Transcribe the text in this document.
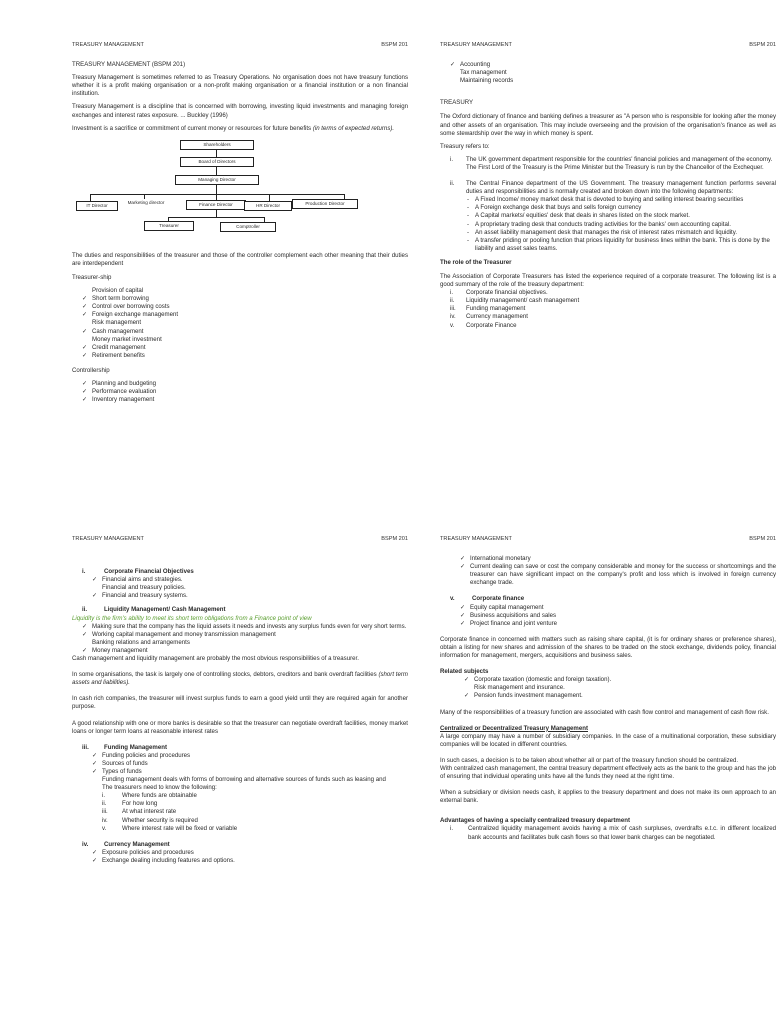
TREASURY MANAGEMENT	BSPM 201

TREASURY MANAGEMENT (BSPM 201)

Treasury Management is sometimes referred to as Treasury Operations. No organisation does not have treasury functions whether it is a profit making organisation or a non-profit making organisation or a financial institution or a non financial institution.

Treasury Management is a discipline that is concerned with borrowing, investing liquid investments and managing foreign exchanges and interest rates exposure. ... Buckley (1996)

Investment is a sacrifice or commitment of current money or resources for future benefits (in terms of expected returns).

Shareholders
Board of Directors
Managing Director
IT Director
Marketing director	Finance Director	HR Director	Production Director
Treasurer	Comptroller

The duties and responsibilities of the treasurer and those of the controller complement each other meaning that their duties are interdependent

Treasurer-ship

Provision of capital
✓ Short term borrowing
✓ Control over borrowing costs
✓ Foreign exchange management
Risk management
✓ Cash management
Money market investment
✓ Credit management
✓ Retirement benefits

Controllership

✓ Planning and budgeting
✓ Performance evaluation
✓ Inventory management
TREASURY MANAGEMENT	BSPM 201
✓ Accounting
Tax management
Maintaining records

TREASURY

The Oxford dictionary of finance and banking defines a treasurer as "A person who is responsible for looking after the money and other assets of an organisation. This may include overseeing and the provision of the organisation's finance as well as some stewardship over the way in which money is spent.

Treasury refers to:

i.	The UK government department responsible for the countries' financial policies and management of the economy.

The First Lord of the Treasury is the Prime Minister but the Treasury is run by the Chancellor of the Exchequer.

ii.	The Central Finance department of the US Government. The treasury management function performs several duties and responsibilities and is normally created and broken down into the following departments:

- A Fixed Income/ money market desk that is devoted to buying and selling interest bearing securities
- A Foreign exchange desk that buys and sells foreign currency
- A Capital markets/ equities' desk that deals in shares listed on the stock market.
- A proprietary trading desk that conducts trading activities for the banks' own accounting capital.
- An asset liability management desk that manages the risk of interest rates mismatch and liquidity.
- A transfer priding or pooling function that prices liquidity for business lines within the bank. This is done by the liability and asset sales teams.

The role of the Treasurer

The Association of Corporate Treasurers has listed the experience required of a corporate treasurer. The following list is a good summary of the role of the treasury department:

i.	Corporate financial objectives.
ii.	Liquidity management/ cash management
iii.	Funding management
iv.	Currency management
v.	Corporate Finance
TREASURY MANAGEMENT	BSPM 201
i.	Corporate Financial Objectives
✓ Financial aims and strategies.
Financial and treasury policies.
✓ Financial and treasury systems.
ii.	Liquidity Management/ Cash Management

Liquidity is the firm's ability to meet its short term obligations from a Finance point of view

✓ Making sure that the company has the liquid assets it needs and invests any surplus funds even for very short terms.
✓ Working capital management and money transmission management
Banking relations and arrangements
✓ Money management

Cash management and liquidity management are probably the most obvious responsibilities of a treasurer.

In some organisations, the task is largely one of controlling stocks, debtors, creditors and bank overdraft facilities (short term assets and liabilities).

In cash rich companies, the treasurer will invest surplus funds to earn a good yield until they are required again for another purpose.

A good relationship with one or more banks is desirable so that the treasurer can negotiate overdraft facilities, money market loans or longer term loans at reasonable interest rates

iii.	Funding Management
✓ Funding policies and procedures
✓ Sources of funds
✓ Types of funds

Funding management deals with forms of borrowing and alternative sources of funds such as leasing and

The treasurers need to know the following:

i.	Where funds are obtainable
ii.	For how long
iii.	At what interest rate
iv.	Whether security is required
v.	Where interest rate will be fixed or variable
iv.	Currency Management
✓ Exposure policies and procedures
✓ Exchange dealing including features and options.
TREASURY MANAGEMENT	BSPM 201
✓ International monetary
✓ Current dealing can save or cost the company considerable and money for the success or shortcomings and the treasurer can have significant impact on the company's profit and loss which is involved in foreign currency exchange trade.
v.	Corporate finance
✓ Equity capital management
✓ Business acquisitions and sales
✓ Project finance and joint venture

Corporate finance in concerned with matters such as raising share capital, (it is for ordinary shares or preference shares), obtain a listing for new shares and admission of the shares to be traded on the stock exchange, dividends policy, financial information for management, mergers, acquisitions and business sales.

Related subjects

✓ Corporate taxation (domestic and foreign taxation).
Risk management and insurance.
✓ Pension funds investment management.

Many of the responsibilities of a treasury function are associated with cash flow control and management of cash flow risk.

Centralized or Decentralized Treasury Management

A large company may have a number of subsidiary companies. In the case of a multinational corporation, these subsidiary companies will be located in different countries.

In such cases, a decision is to be taken about whether all or part of the treasury function should be centralized.

With centralized cash management, the central treasury department effectively acts as the bank to the group and has the job of ensuring that individual operating units have all the funds they need at the right time.

When a subsidiary or division needs cash, it applies to the treasury department and does not make its own approach to an external bank.

Advantages of having a specially centralized treasury department

i.	Centralized liquidity management avoids having a mix of cash surpluses, overdrafts e.t.c. in different localized bank accounts and facilitates bulk cash flows so that lower bank charges can be negotiated.
